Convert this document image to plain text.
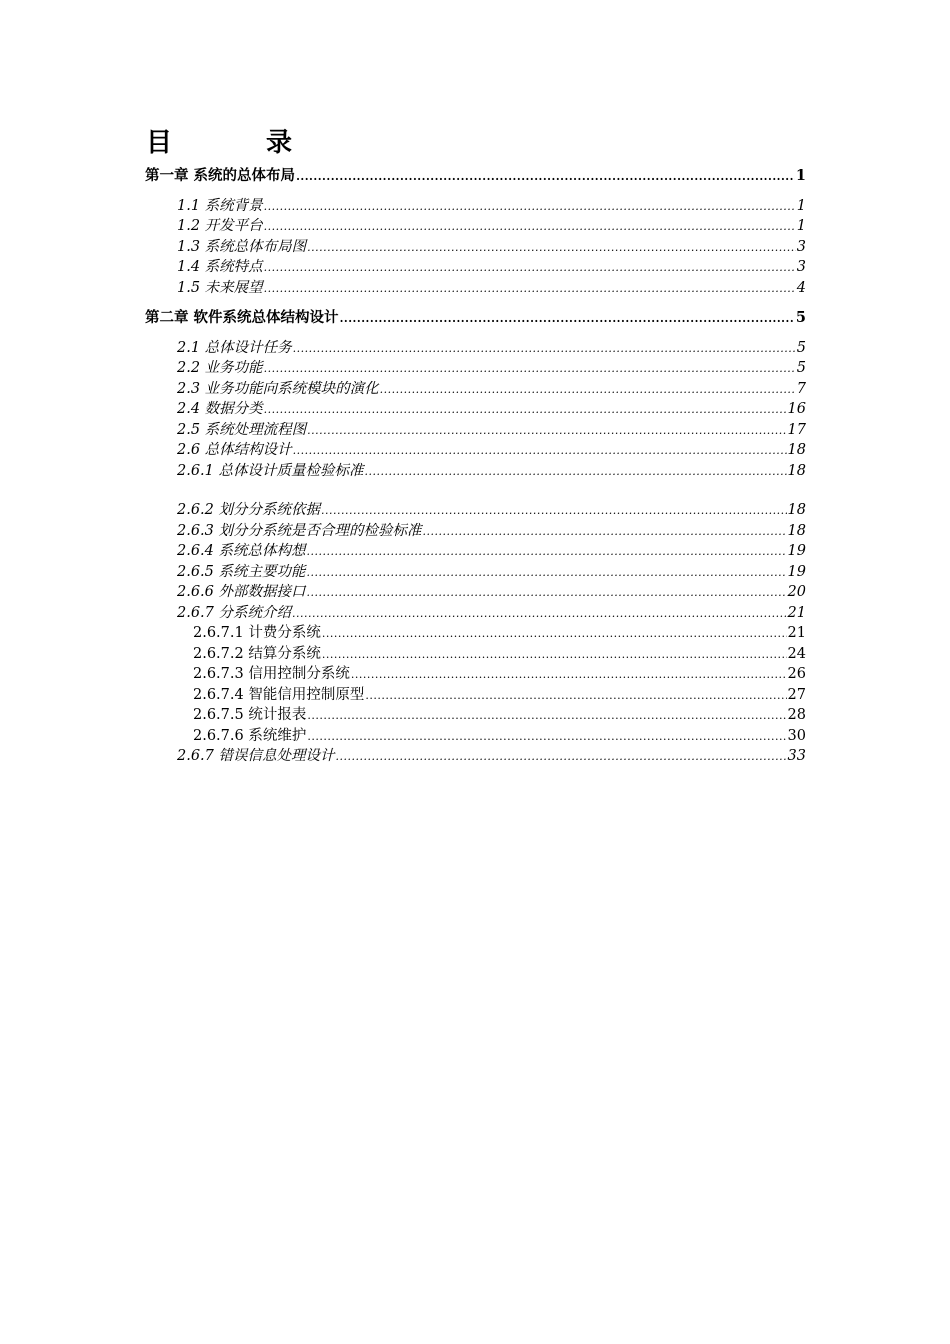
目	录
第一章 系统的总体布局 .....	1
1.1 系统背景 .....	1
1.2 开发平台 .....	1
1.3 系统总体布局图 .....	3
1.4 系统特点 .....	3
1.5 未来展望 .....	4
第二章 软件系统总体结构设计 .....	5
2.1 总体设计任务 .....	5
2.2 业务功能 .....	5
2.3 业务功能向系统模块的演化 .....	7
2.4 数据分类 .....	16
2.5 系统处理流程图 .....	17
2.6 总体结构设计 .....	18
2.6.1 总体设计质量检验标准 .....	18
2.6.2 划分分系统依据 .....	18
2.6.3 划分分系统是否合理的检验标准 .....	18
2.6.4 系统总体构想 .....	19
2.6.5 系统主要功能 .....	19
2.6.6 外部数据接口 .....	20
2.6.7 分系统介绍 .....	21
2.6.7.1 计费分系统 .....	21
2.6.7.2 结算分系统 .....	24
2.6.7.3 信用控制分系统 .....	26
2.6.7.4 智能信用控制原型 .....	27
2.6.7.5 统计报表 .....	28
2.6.7.6 系统维护 .....	30
2.6.7 错误信息处理设计 .....	33
